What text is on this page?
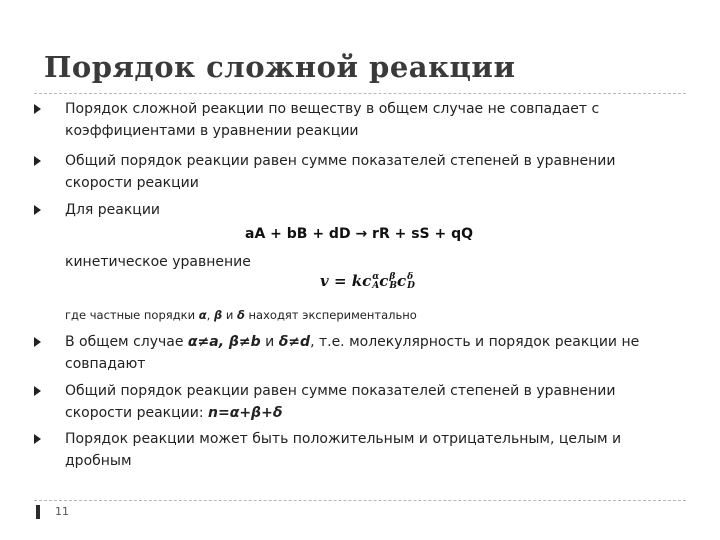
Порядок сложной реакции
Порядок сложной реакции по веществу в общем случае не совпадает с
коэффициентами в уравнении реакции
Общий порядок реакции равен сумме показателей степеней в уравнении
скорости реакции
Для реакции
aA + bB + dD → rR + sS + qQ
кинетическое уравнение
v = kc α
A c β
B c δ
D
где частные порядки α, β и δ находят экспериментально
В общем случае α≠a, β≠b и δ≠d, т.е. молекулярность и порядок реакции не
совпадают
Общий порядок реакции равен сумме показателей степеней в уравнении
скорости реакции: n=α+β+δ
Порядок реакции может быть положительным и отрицательным, целым и
дробным
11
